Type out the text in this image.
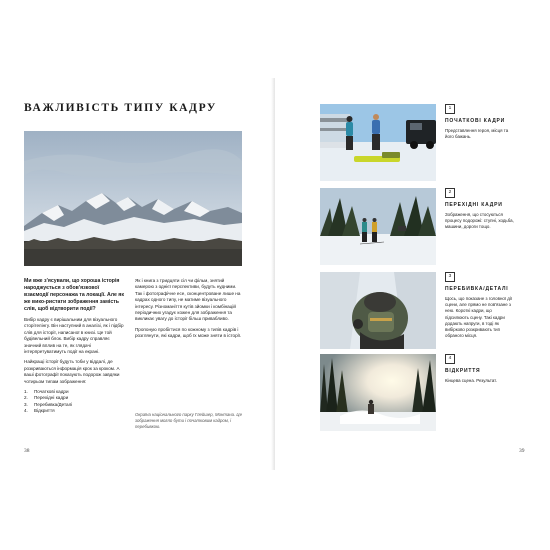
ВАЖЛИВІСТЬ ТИПУ КАДРУ

Ми вже з'ясували, що хороша історія народжується з обов'язкової взаємодії персонажа та локації. Але як же вико-ристати зображення замість слів, щоб відтворити події?

Вибір кадру є вирішальним для візуального сторітелінгу. Він наступний в аналізі, як і підбір слів для історії, написаної в книзі. Це той будівельний блок. Вибір кадру справляє значний вплив на те, як глядачі інтерпретуватимуть події на екрані.

Найкращі історії будуть тоби у віддалі, де розкриваються інформація крок за кроком. А ваші фотографії показують подорож завдяки чотирьом типам зображення:

1.	Початкові кадри
2.	Перехідні кадри
3.	Перебивка/Деталі
4.	Відкриття

Як і книга з тридцяти сіл чи фільм, знятий камерою з однієї перспективи, будуть нудними. Так і фотографічне есе, сконцентроване лише на кадрах одного типу, не матиме візуального інтересу. Різноманіття кутів зйомки і комбінацій періодичних угадує кожен для зображення та викликає увагу до історії більш привабливо.

Пропоную пробігтися по кожному з типів кадрів і розглянути, які кадри, щоб їх може зняти в історії.

Окраїна національного парку Глейшер, Монтана. Це зображення могло бути і початковим кадром, і перебивкою.
38
1
ПОЧАТКОВІ КАДРИ
Представлення героя, місця та його бажань.
2
ПЕРЕХІДНІ КАДРИ
Зображення, що стосуються процесу подорожі: ступні, ходьба, машини, дороги тощо.
3
ПЕРЕБИВКА/ДЕТАЛІ
Щось, що показане з головної дії сцени, але прямо не пов'язане з нею. Короткі кадри, що підсилюють сцену. Такі кадри додають напруги, в тоді як вибірково розкривають тип обраного місця.
4
ВІДКРИТТЯ
Кінцева сцена. Результат.
39
